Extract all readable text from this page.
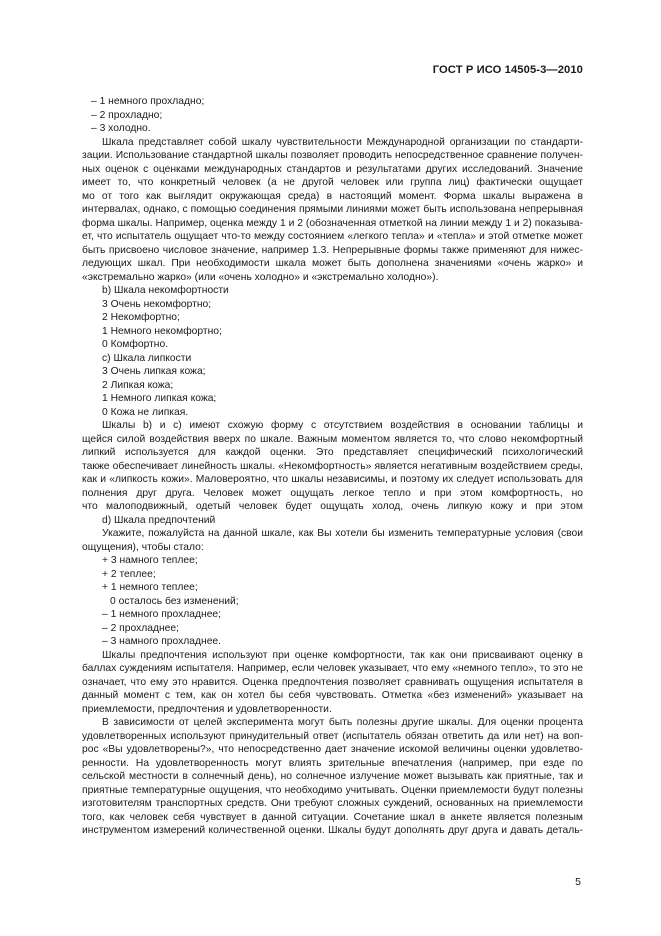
ГОСТ Р ИСО 14505-3—2010
– 1 немного прохладно;
– 2 прохладно;
– 3 холодно.
Шкала представляет собой шкалу чувствительности Международной организации по стандарти-
зации. Использование стандартной шкалы позволяет проводить непосредственное сравнение получен-
ных оценок с оценками международных стандартов и результатами других исследований. Значение
имеет то, что конкретный человек (а не другой человек или группа лиц) фактически ощущает
мо от того как выглядит окружающая среда) в настоящий момент. Форма шкалы выражена в
интервалах, однако, с помощью соединения прямыми линиями может быть использована непрерывная
форма шкалы. Например, оценка между 1 и 2 (обозначенная отметкой на линии между 1 и 2) показыва-
ет, что испытатель ощущает что-то между состоянием «легкого тепла» и «тепла» и этой отметке может
быть присвоено числовое значение, например 1.3. Непрерывные формы также применяют для нижес-
ледующих шкал. При необходимости шкала может быть дополнена значениями «очень жарко» и
«экстремально жарко» (или «очень холодно» и «экстремально холодно»).
b) Шкала некомфортности
3 Очень некомфортно;
2 Некомфортно;
1 Немного некомфортно;
0 Комфортно.
c) Шкала липкости
3 Очень липкая кожа;
2 Липкая кожа;
1 Немного липкая кожа;
0 Кожа не липкая.
Шкалы b) и c) имеют схожую форму с отсутствием воздействия в основании таблицы и
щейся силой воздействия вверх по шкале. Важным моментом является то, что слово некомфортный
липкий используется для каждой оценки. Это представляет специфический психологический
также обеспечивает линейность шкалы. «Некомфортность» является негативным воздействием среды,
как и «липкость кожи». Маловероятно, что шкалы независимы, и поэтому их следует использовать для
полнения друг друга. Человек может ощущать легкое тепло и при этом комфортность, но
что малоподвижный, одетый человек будет ощущать холод, очень липкую кожу и при этом
d) Шкала предпочтений
Укажите, пожалуйста на данной шкале, как Вы хотели бы изменить температурные условия (свои
ощущения), чтобы стало:
+ 3 намного теплее;
+ 2 теплее;
+ 1 немного теплее;
0 осталось без изменений;
– 1 немного прохладнее;
– 2 прохладнее;
– 3 намного прохладнее.
Шкалы предпочтения используют при оценке комфортности, так как они присваивают оценку в
баллах суждениям испытателя. Например, если человек указывает, что ему «немного тепло», то это не
означает, что ему это нравится. Оценка предпочтения позволяет сравнивать ощущения испытателя в
данный момент с тем, как он хотел бы себя чувствовать. Отметка «без изменений» указывает на
приемлемости, предпочтения и удовлетворенности.
В зависимости от целей эксперимента могут быть полезны другие шкалы. Для оценки процента
удовлетворенных используют принудительный ответ (испытатель обязан ответить да или нет) на воп-
рос «Вы удовлетворены?», что непосредственно дает значение искомой величины оценки удовлетво-
ренности. На удовлетворенность могут влиять зрительные впечатления (например, при езде по
сельской местности в солнечный день), но солнечное излучение может вызывать как приятные, так и
приятные температурные ощущения, что необходимо учитывать. Оценки приемлемости будут полезны
изготовителям транспортных средств. Они требуют сложных суждений, основанных на приемлемости
того, как человек себя чувствует в данной ситуации. Сочетание шкал в анкете является полезным
инструментом измерений количественной оценки. Шкалы будут дополнять друг друга и давать деталь-
5
